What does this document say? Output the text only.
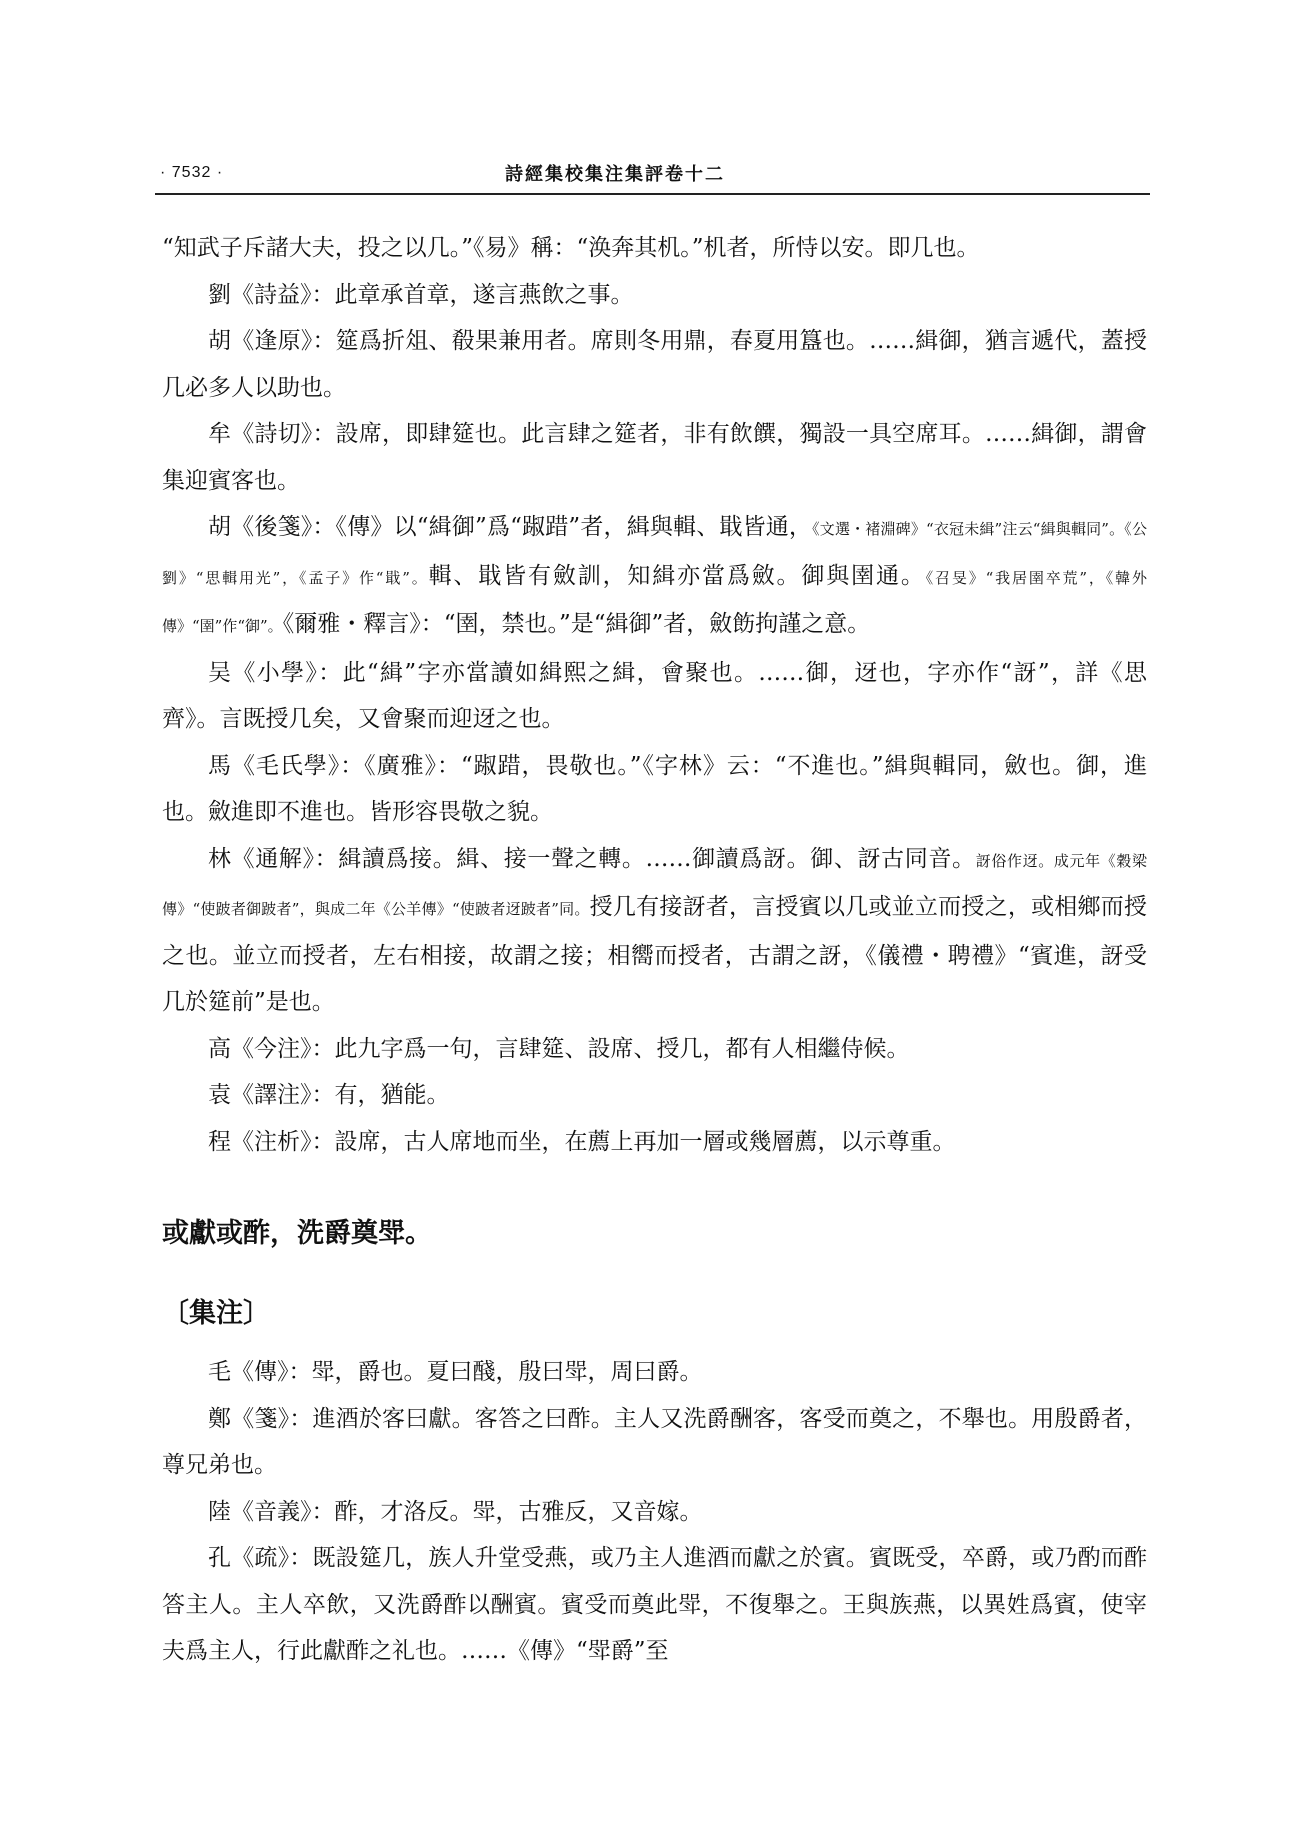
· 7532 ·	詩經集校集注集評卷十二

“知武子斥諸大夫，投之以几。”《易》稱：“涣奔其机。”机者，所恃以安。即几也。

劉《詩益》：此章承首章，遂言燕飲之事。

胡《逢原》：筵爲折俎、殽果兼用者。席則冬用鼎，春夏用簋也。……緝御，猶言遞代，蓋授几必多人以助也。

牟《詩切》：設席，即肆筵也。此言肆之筵者，非有飲饌，獨設一具空席耳。……緝御，謂會集迎賓客也。

胡《後箋》：《傳》以“緝御”爲“踧踖”者，緝與輯、戢皆通，《文選・褚淵碑》“衣冠未緝”注云“緝與輯同”。《公劉》“思輯用光”，《孟子》作“戢”。輯、戢皆有斂訓，知緝亦當爲斂。御與圉通。《召旻》“我居圉卒荒”，《韓外傳》“圉”作“御”。《爾雅・釋言》：“圉，禁也。”是“緝御”者，斂飭拘謹之意。

吴《小學》：此“緝”字亦當讀如緝熙之緝，會聚也。……御，迓也，字亦作“訝”，詳《思齊》。言既授几矣，又會聚而迎迓之也。

馬《毛氏學》：《廣雅》：“踧踖，畏敬也。”《字林》云：“不進也。”緝與輯同，斂也。御，進也。斂進即不進也。皆形容畏敬之貌。

林《通解》：緝讀爲接。緝、接一聲之轉。……御讀爲訝。御、訝古同音。訝俗作迓。成元年《穀梁傳》“使跛者御跛者”，與成二年《公羊傳》“使跛者迓跛者”同。授几有接訝者，言授賓以几或並立而授之，或相鄉而授之也。並立而授者，左右相接，故謂之接；相嚮而授者，古謂之訝，《儀禮・聘禮》“賓進，訝受几於筵前”是也。

高《今注》：此九字爲一句，言肆筵、設席、授几，都有人相繼侍候。

袁《譯注》：有，猶能。

程《注析》：設席，古人席地而坐，在薦上再加一層或幾層薦，以示尊重。

或獻或酢，洗爵奠斝。
〔集注〕

毛《傳》：斝，爵也。夏曰醆，殷曰斝，周曰爵。

鄭《箋》：進酒於客曰獻。客答之曰酢。主人又洗爵酬客，客受而奠之，不舉也。用殷爵者，尊兄弟也。

陸《音義》：酢，才洛反。斝，古雅反，又音嫁。

孔《疏》：既設筵几，族人升堂受燕，或乃主人進酒而獻之於賓。賓既受，卒爵，或乃酌而酢答主人。主人卒飲，又洗爵酢以酬賓。賓受而奠此斝，不復舉之。王與族燕，以異姓爲賓，使宰夫爲主人，行此獻酢之礼也。……《傳》“斝爵”至
